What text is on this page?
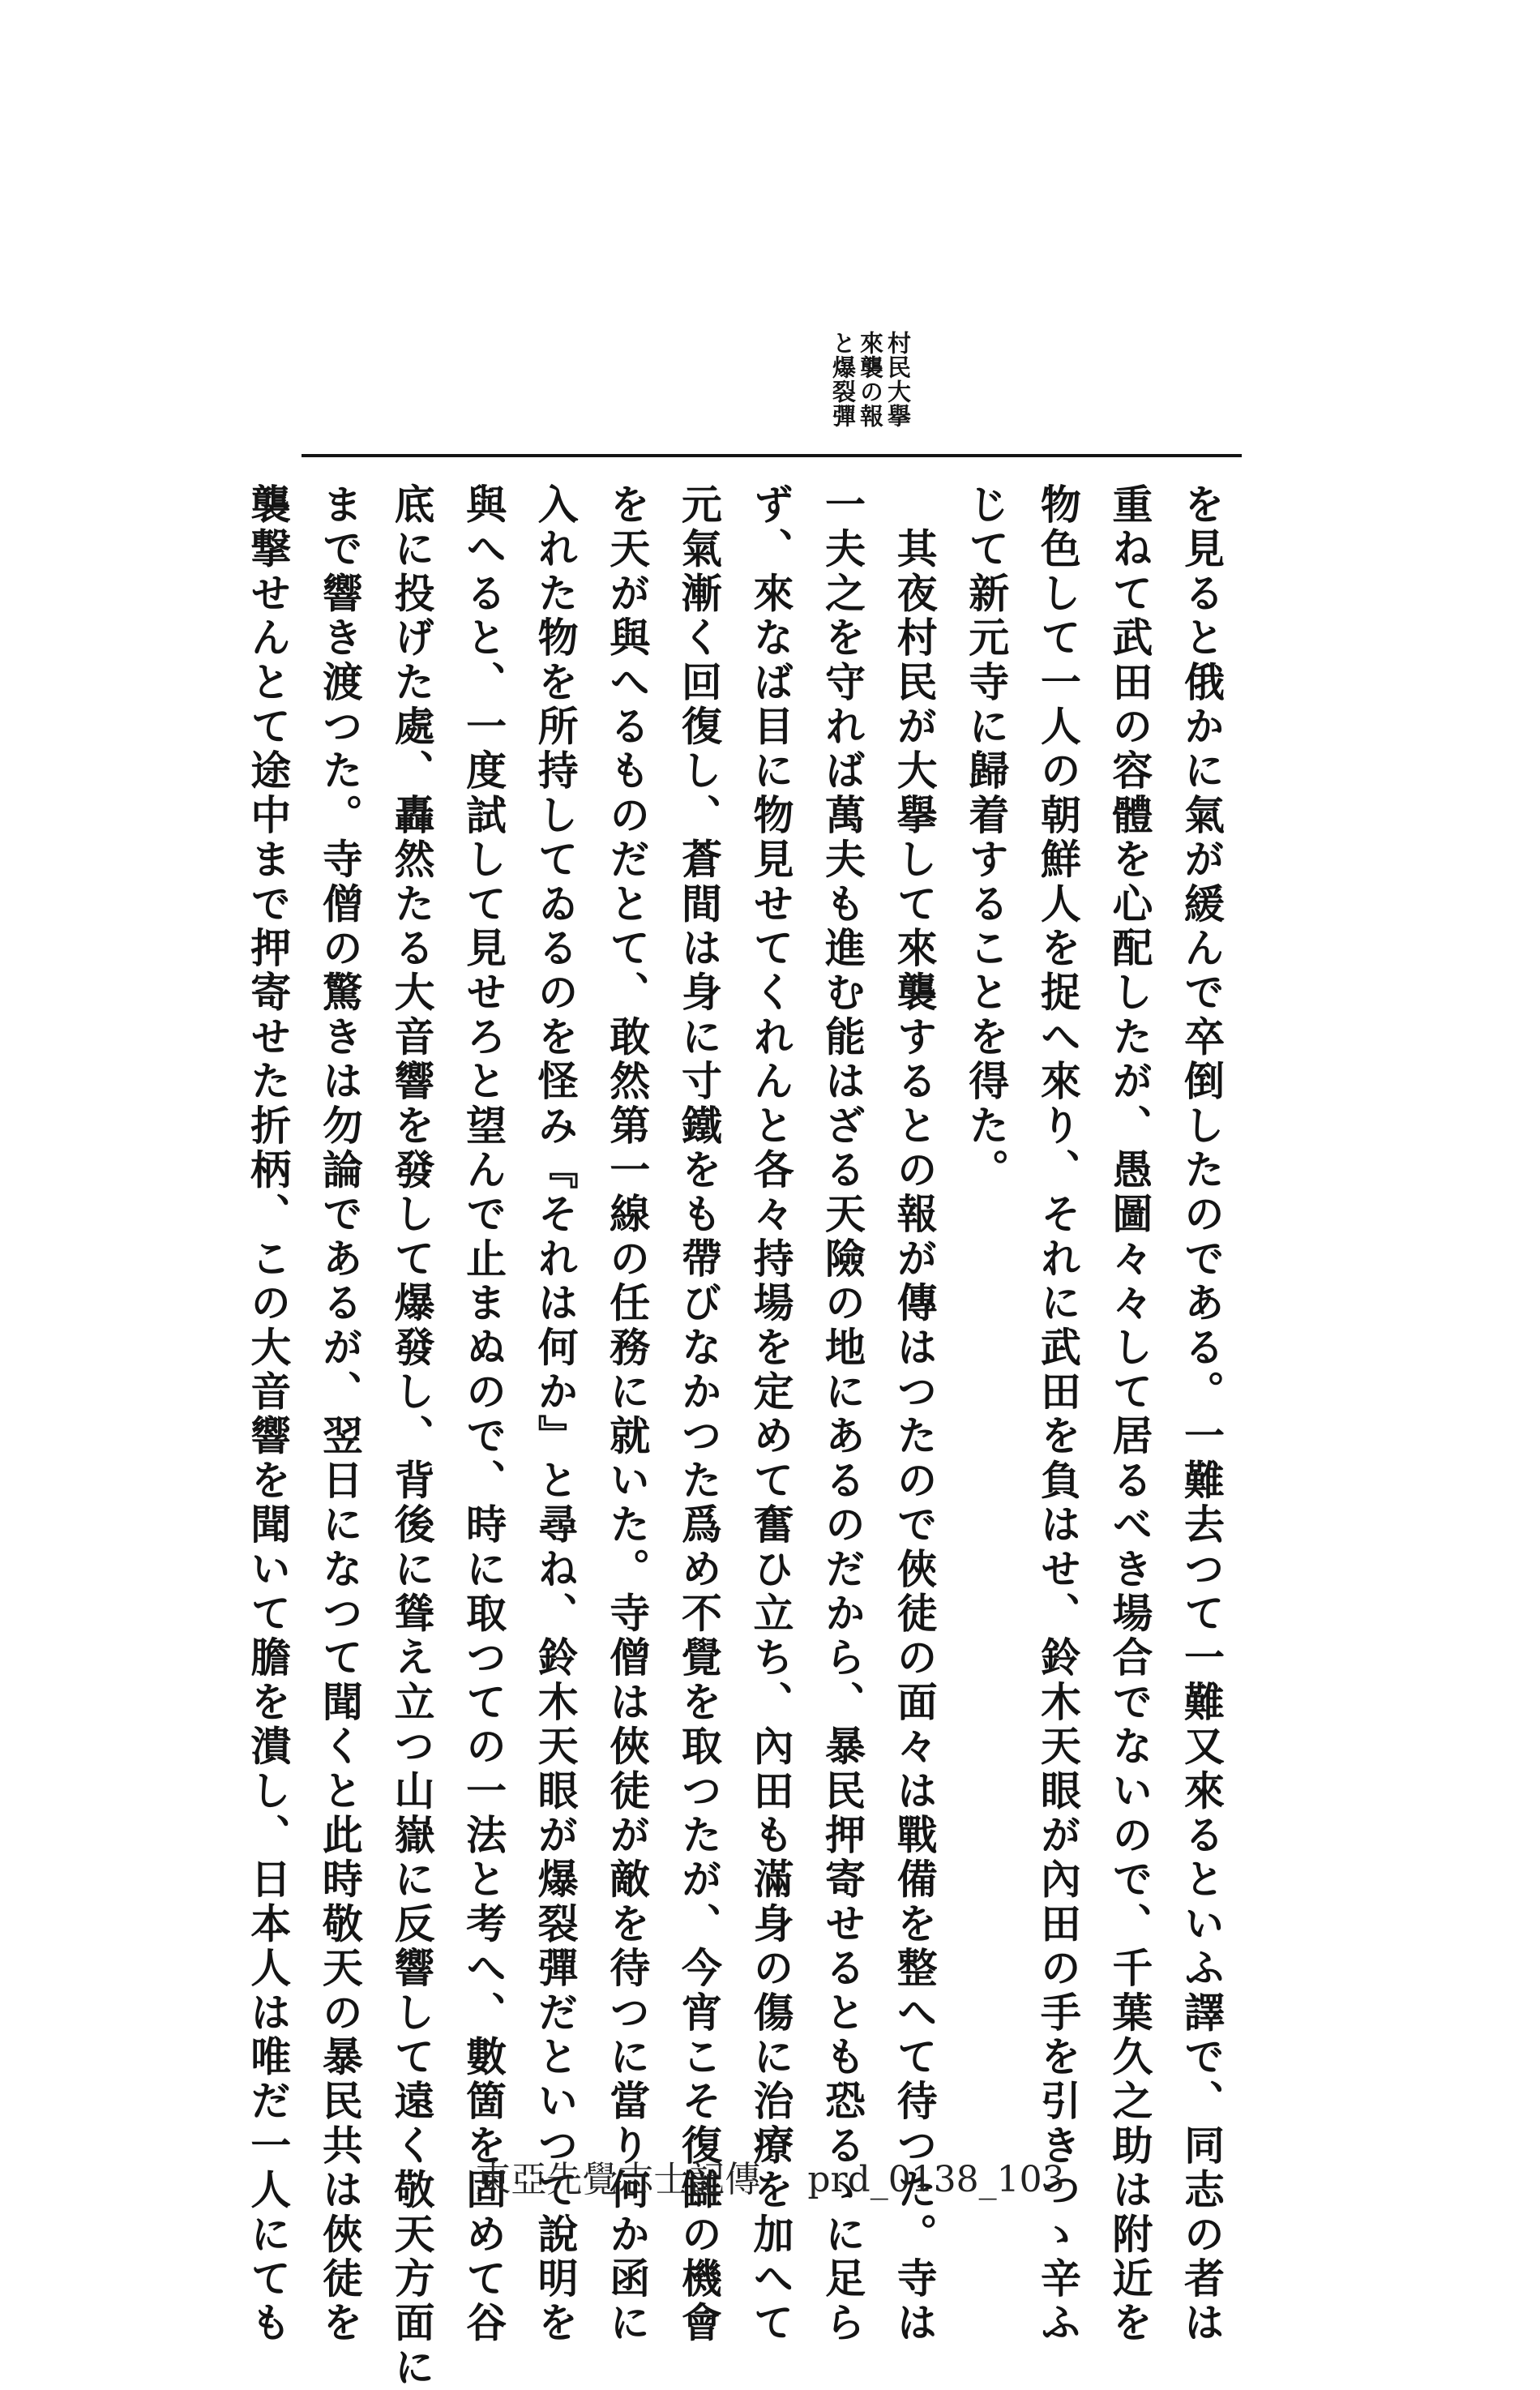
村民大擧
來襲の報
と爆裂彈
を見ると俄かに氣が緩んで卒倒したのである。一難去つて一難又來るといふ譯で、同志の者は
重ねて武田の容體を心配したが、愚圖々々して居るべき場合でないので、千葉久之助は附近を
物色して一人の朝鮮人を捉へ來り、それに武田を負はせ、鈴木天眼が內田の手を引きつゝ辛ふ
じて新元寺に歸着することを得た。
　其夜村民が大擧して來襲するとの報が傳はつたので俠徒の面々は戰備を整へて待つた。寺は
一夫之を守れば萬夫も進む能はざる天險の地にあるのだから、暴民押寄せるとも恐るゝに足ら
ず、來なば目に物見せてくれんと各々持場を定めて奮ひ立ち、內田も滿身の傷に治療を加へて
元氣漸く回復し、蒼間は身に寸鐵をも帶びなかつた爲め不覺を取つたが、今宵こそ復讎の機會
を天が與へるものだとて、敢然第一線の任務に就いた。寺僧は俠徒が敵を待つに當り何か函に
入れた物を所持してゐるのを怪み『それは何か』と尋ね、鈴木天眼が爆裂彈だといつて說明を
與へると、一度試して見せろと望んで止まぬので、時に取つての一法と考へ、數箇を固めて谷
底に投げた處、轟然たる大音響を發して爆發し、背後に聳え立つ山嶽に反響して遠く敬天方面に
まで響き渡つた。寺僧の驚きは勿論であるが、翌日になつて聞くと此時敬天の暴民共は俠徒を
襲撃せんとて途中まで押寄せた折柄、この大音響を聞いて膽を潰し、日本人は唯だ一人にても	東亞先覺志士記傳 prd_0138_103
